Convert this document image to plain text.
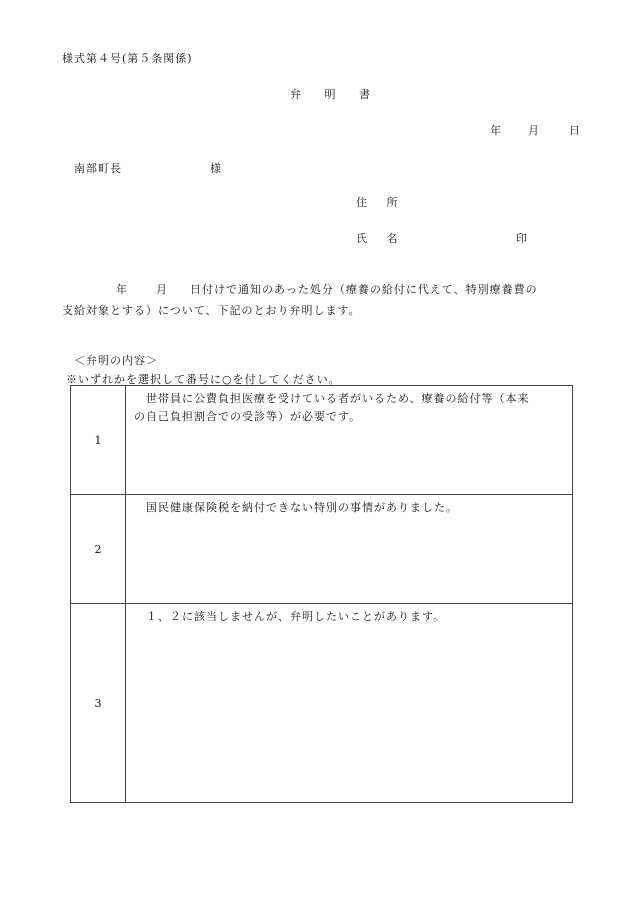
様式第４号(第５条関係)
弁 明 書
年 月	日
南部町長	様
住 所
氏 名	印
年	月 日付けで通知のあった処分（療養の給付に代えて、特別療養費の
支給対象とする）について、下記のとおり弁明します。
＜弁明の内容＞
※いずれかを選択して番号に○を付してください。
1	世帯員に公費負担医療を受けている者がいるため、療養の給付等（本来
の自己負担割合での受診等）が必要です。

2	国民健康保険税を納付できない特別の事情がありました。

3	１、２に該当しませんが、弁明したいことがあります。
